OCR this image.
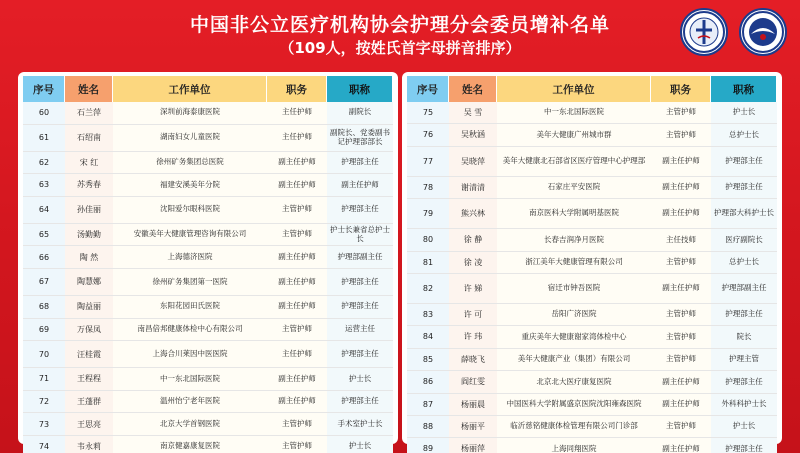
中国非公立医疗机构协会护理分会委员增补名单
（109人，按姓氏首字母拼音排序）
序号	姓名	工作单位	职务	职称
60	石兰萍	深圳前海泰康医院	主任护师	副院长
61	石绍南	湖南妇女儿童医院	主任护师	副院长、党委副书记护理部部长
62	宋 红	徐州矿务集团总医院	副主任护师	护理部主任
63	苏秀春	福建安溪美年分院	副主任护师	副主任护师
64	孙佳丽	沈阳爱尔眼科医院	主管护师	护理部主任
65	汤勤勤	安徽美年大健康管理咨询有限公司	主管护师	护士长兼省总护士长
66	陶 然	上海德济医院	副主任护师	护理部副主任
67	陶慧娜	徐州矿务集团第一医院	副主任护师	护理部主任
68	陶益丽	东阳花园田氏医院	副主任护师	护理部主任
69	万保凤	南昌倍邦健康体检中心有限公司	主管护师	运营主任
70	汪桂霞	上海合川莱因中医医院	主任护师	护理部主任
71	王程程	中一东北国际医院	副主任护师	护士长
72	王蓬群	温州怡宁老年医院	副主任护师	护理部主任
73	王思亮	北京大学首钢医院	主管护师	手术室护士长
74	韦永莉	南京健嘉康复医院	主管护师	护士长
序号	姓名	工作单位	职务	职称
75	吴 雪	中一东北国际医院	主管护师	护士长
76	吴秋涵	美年大健康广州城市群	主管护师	总护士长
77	吴晓萍	美年大健康北石部省区医疗管理中心护理部	副主任护师	护理部主任
78	谢清清	石家庄平安医院	副主任护师	护理部主任
79	熊兴林	南京医科大学附属明基医院	副主任护师	护理部大科护士长
80	徐 静	长春吉润净月医院	主任技师	医疗副院长
81	徐 凌	浙江美年大健康管理有限公司	主管护师	总护士长
82	许 娣	宿迁市钟吾医院	副主任护师	护理部副主任
83	许 可	岳阳广济医院	主管护师	护理部主任
84	许 玮	重庆美年大健康谢家湾体检中心	主管护师	院长
85	薛晓飞	美年大健康产业（集团）有限公司	主管护师	护理主管
86	阎红雯	北京北大医疗康复医院	副主任护师	护理部主任
87	杨丽晨	中国医科大学附属盛京医院沈阳雍森医院	副主任护师	外科科护士长
88	杨丽平	临沂慈铭健康体检管理有限公司门诊部	主管护师	护士长
89	杨丽萍	上海同翔医院	副主任护师	护理部主任
